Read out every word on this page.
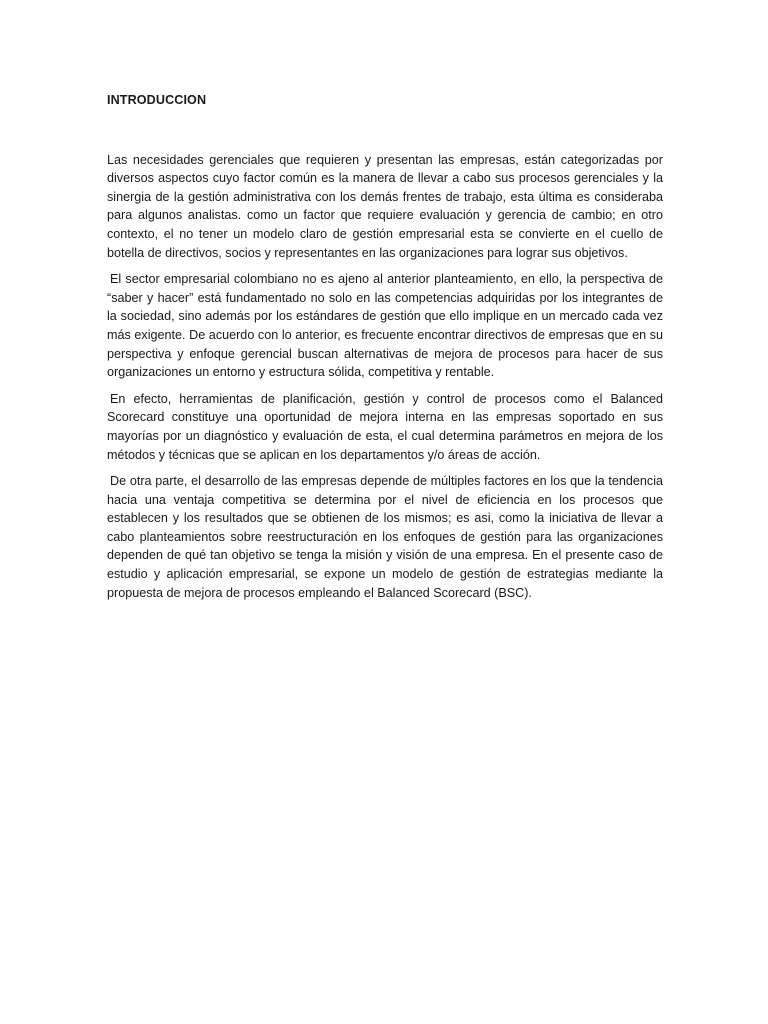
INTRODUCCION

Las necesidades gerenciales que requieren y presentan las empresas, están categorizadas por diversos aspectos cuyo factor común es la manera de llevar a cabo sus procesos gerenciales y la sinergia de la gestión administrativa con los demás frentes de trabajo, esta última es consideraba para algunos analistas. como un factor que requiere evaluación y gerencia de cambio; en otro contexto, el no tener un modelo claro de gestión empresarial esta se convierte en el cuello de botella de directivos, socios y representantes en las organizaciones para lograr sus objetivos.

El sector empresarial colombiano no es ajeno al anterior planteamiento, en ello, la perspectiva de “saber y hacer” está fundamentado no solo en las competencias adquiridas por los integrantes de la sociedad, sino además por los estándares de gestión que ello implique en un mercado cada vez más exigente. De acuerdo con lo anterior, es frecuente encontrar directivos de empresas que en su perspectiva y enfoque gerencial buscan alternativas de mejora de procesos para hacer de sus organizaciones un entorno y estructura sólida, competitiva y rentable.

En efecto, herramientas de planificación, gestión y control de procesos como el Balanced Scorecard constituye una oportunidad de mejora interna en las empresas soportado en sus mayorías por un diagnóstico y evaluación de esta, el cual determina parámetros en mejora de los métodos y técnicas que se aplican en los departamentos y/o áreas de acción.

De otra parte, el desarrollo de las empresas depende de múltiples factores en los que la tendencia hacia una ventaja competitiva se determina por el nivel de eficiencia en los procesos que establecen y los resultados que se obtienen de los mismos; es asi, como la iniciativa de llevar a cabo planteamientos sobre reestructuración en los enfoques de gestión para las organizaciones dependen de qué tan objetivo se tenga la misión y visión de una empresa. En el presente caso de estudio y aplicación empresarial, se expone un modelo de gestión de estrategias mediante la propuesta de mejora de procesos empleando el Balanced Scorecard (BSC).
